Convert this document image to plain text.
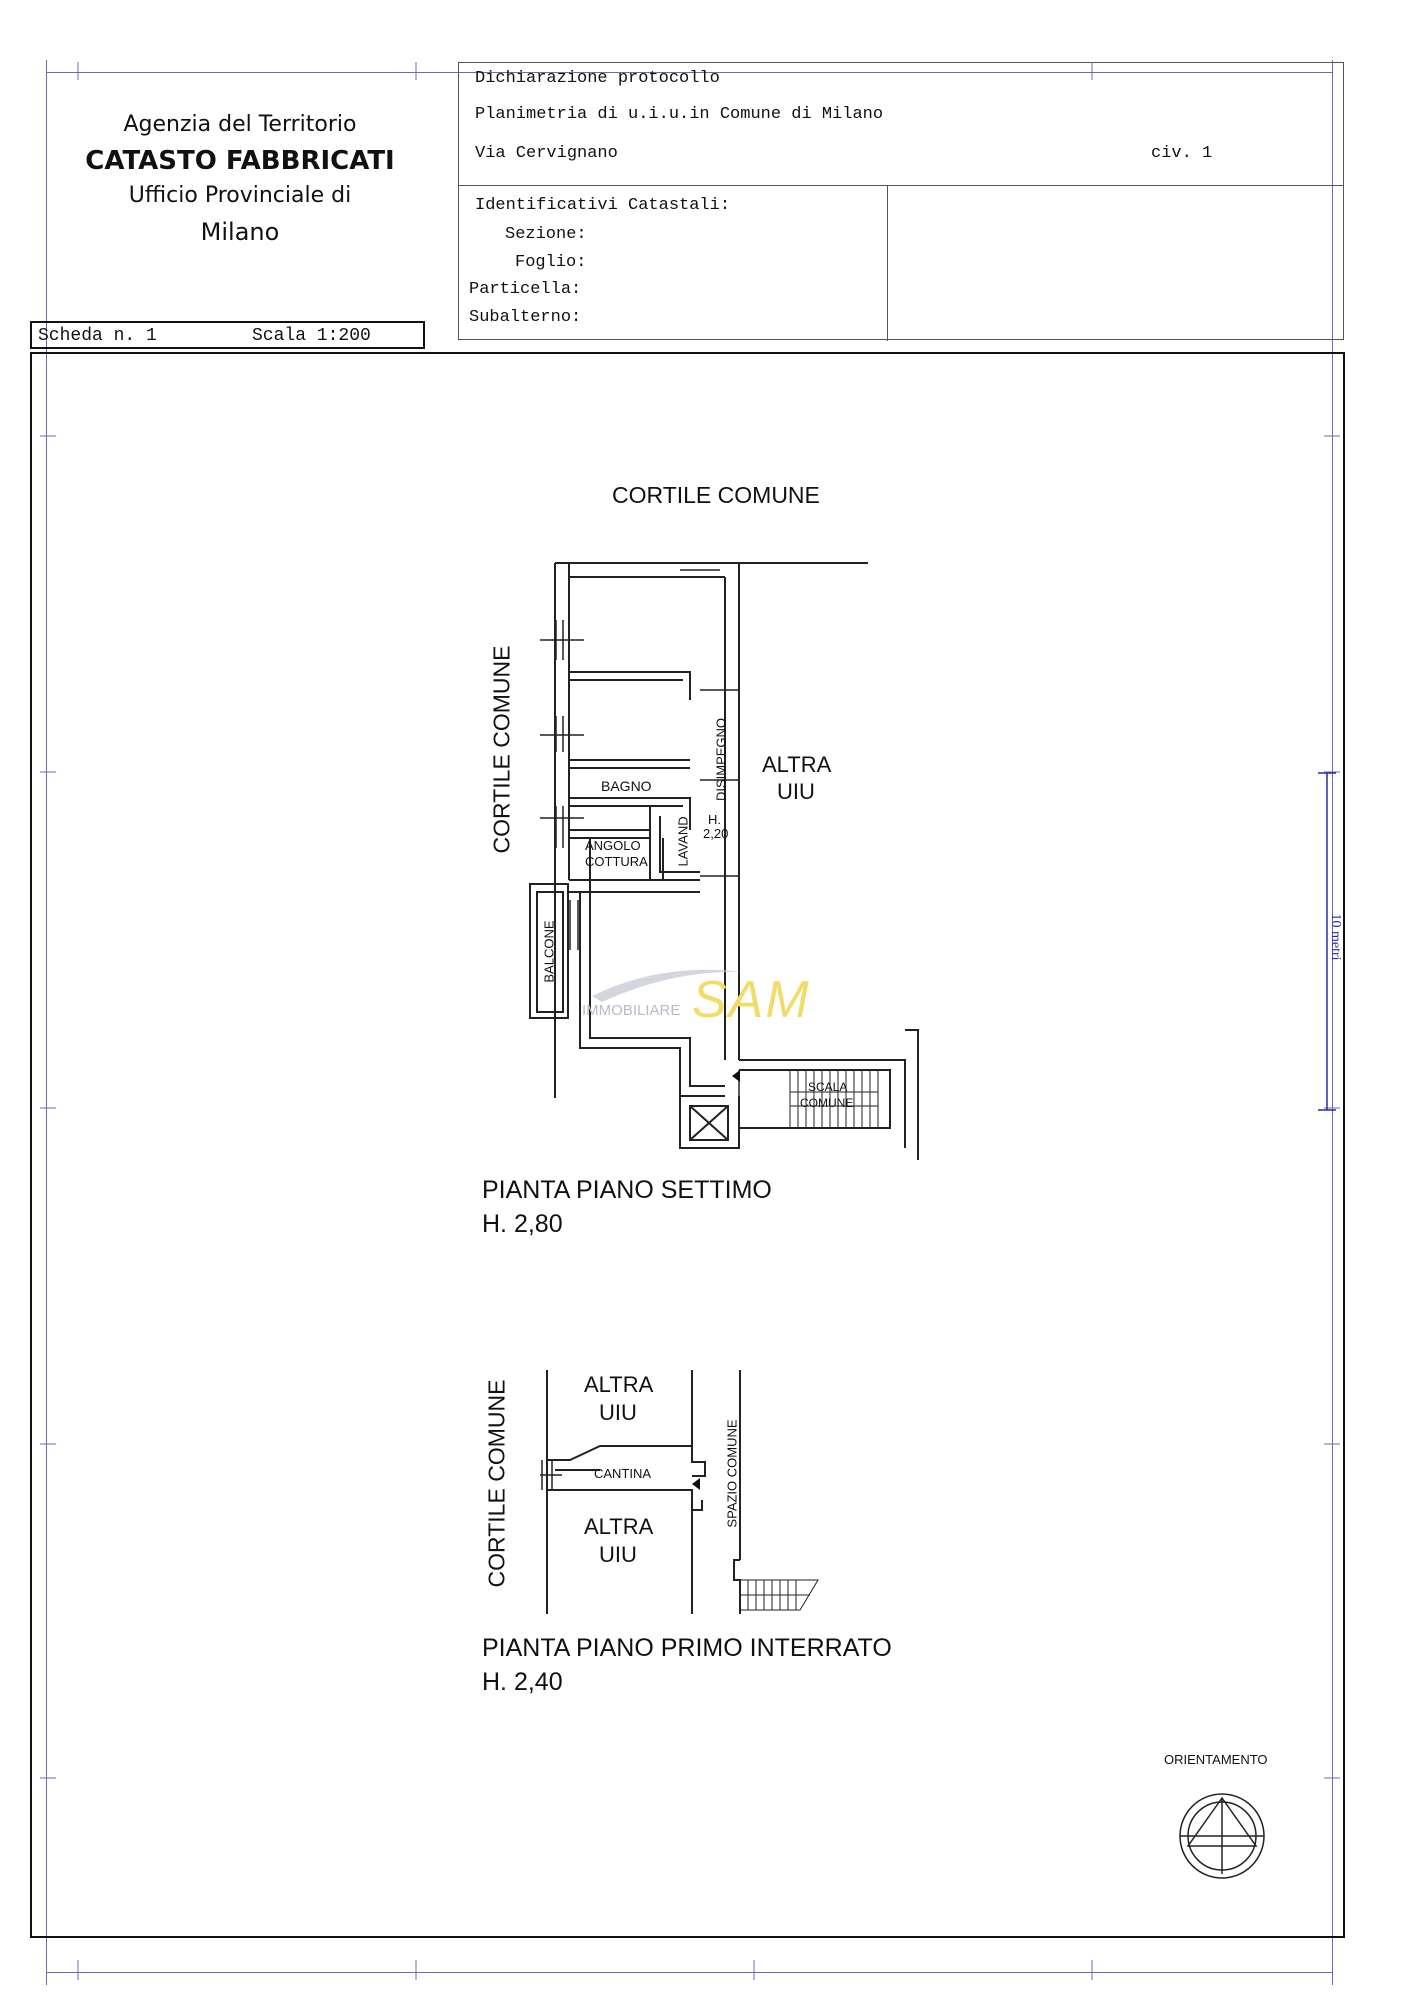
Agenzia del Territorio
CATASTO FABBRICATI
Ufficio Provinciale di
Milano
Scheda n. 1	Scala 1:200
Dichiarazione protocollo
Planimetria di u.i.u.in Comune di Milano
Via Cervignano	civ. 1
Identificativi Catastali:
Sezione:
Foglio:
Particella:
Subalterno:
IMMOBILIARE SAM
CORTILE COMUNE
CORTILE COMUNE	ALTRA
UIU
BAGNO	DISIMPEGNO
H.
2,20
LAVAND
ANGOLO
COTTURA
BALCONE
SCALA
COMUNE
PIANTA PIANO SETTIMO
H. 2,80
CORTILE COMUNE	ALTRA
UIU
CANTINA	SPAZIO COMUNE
ALTRA
UIU
PIANTA PIANO PRIMO INTERRATO
H. 2,40
10 metri
ORIENTAMENTO
